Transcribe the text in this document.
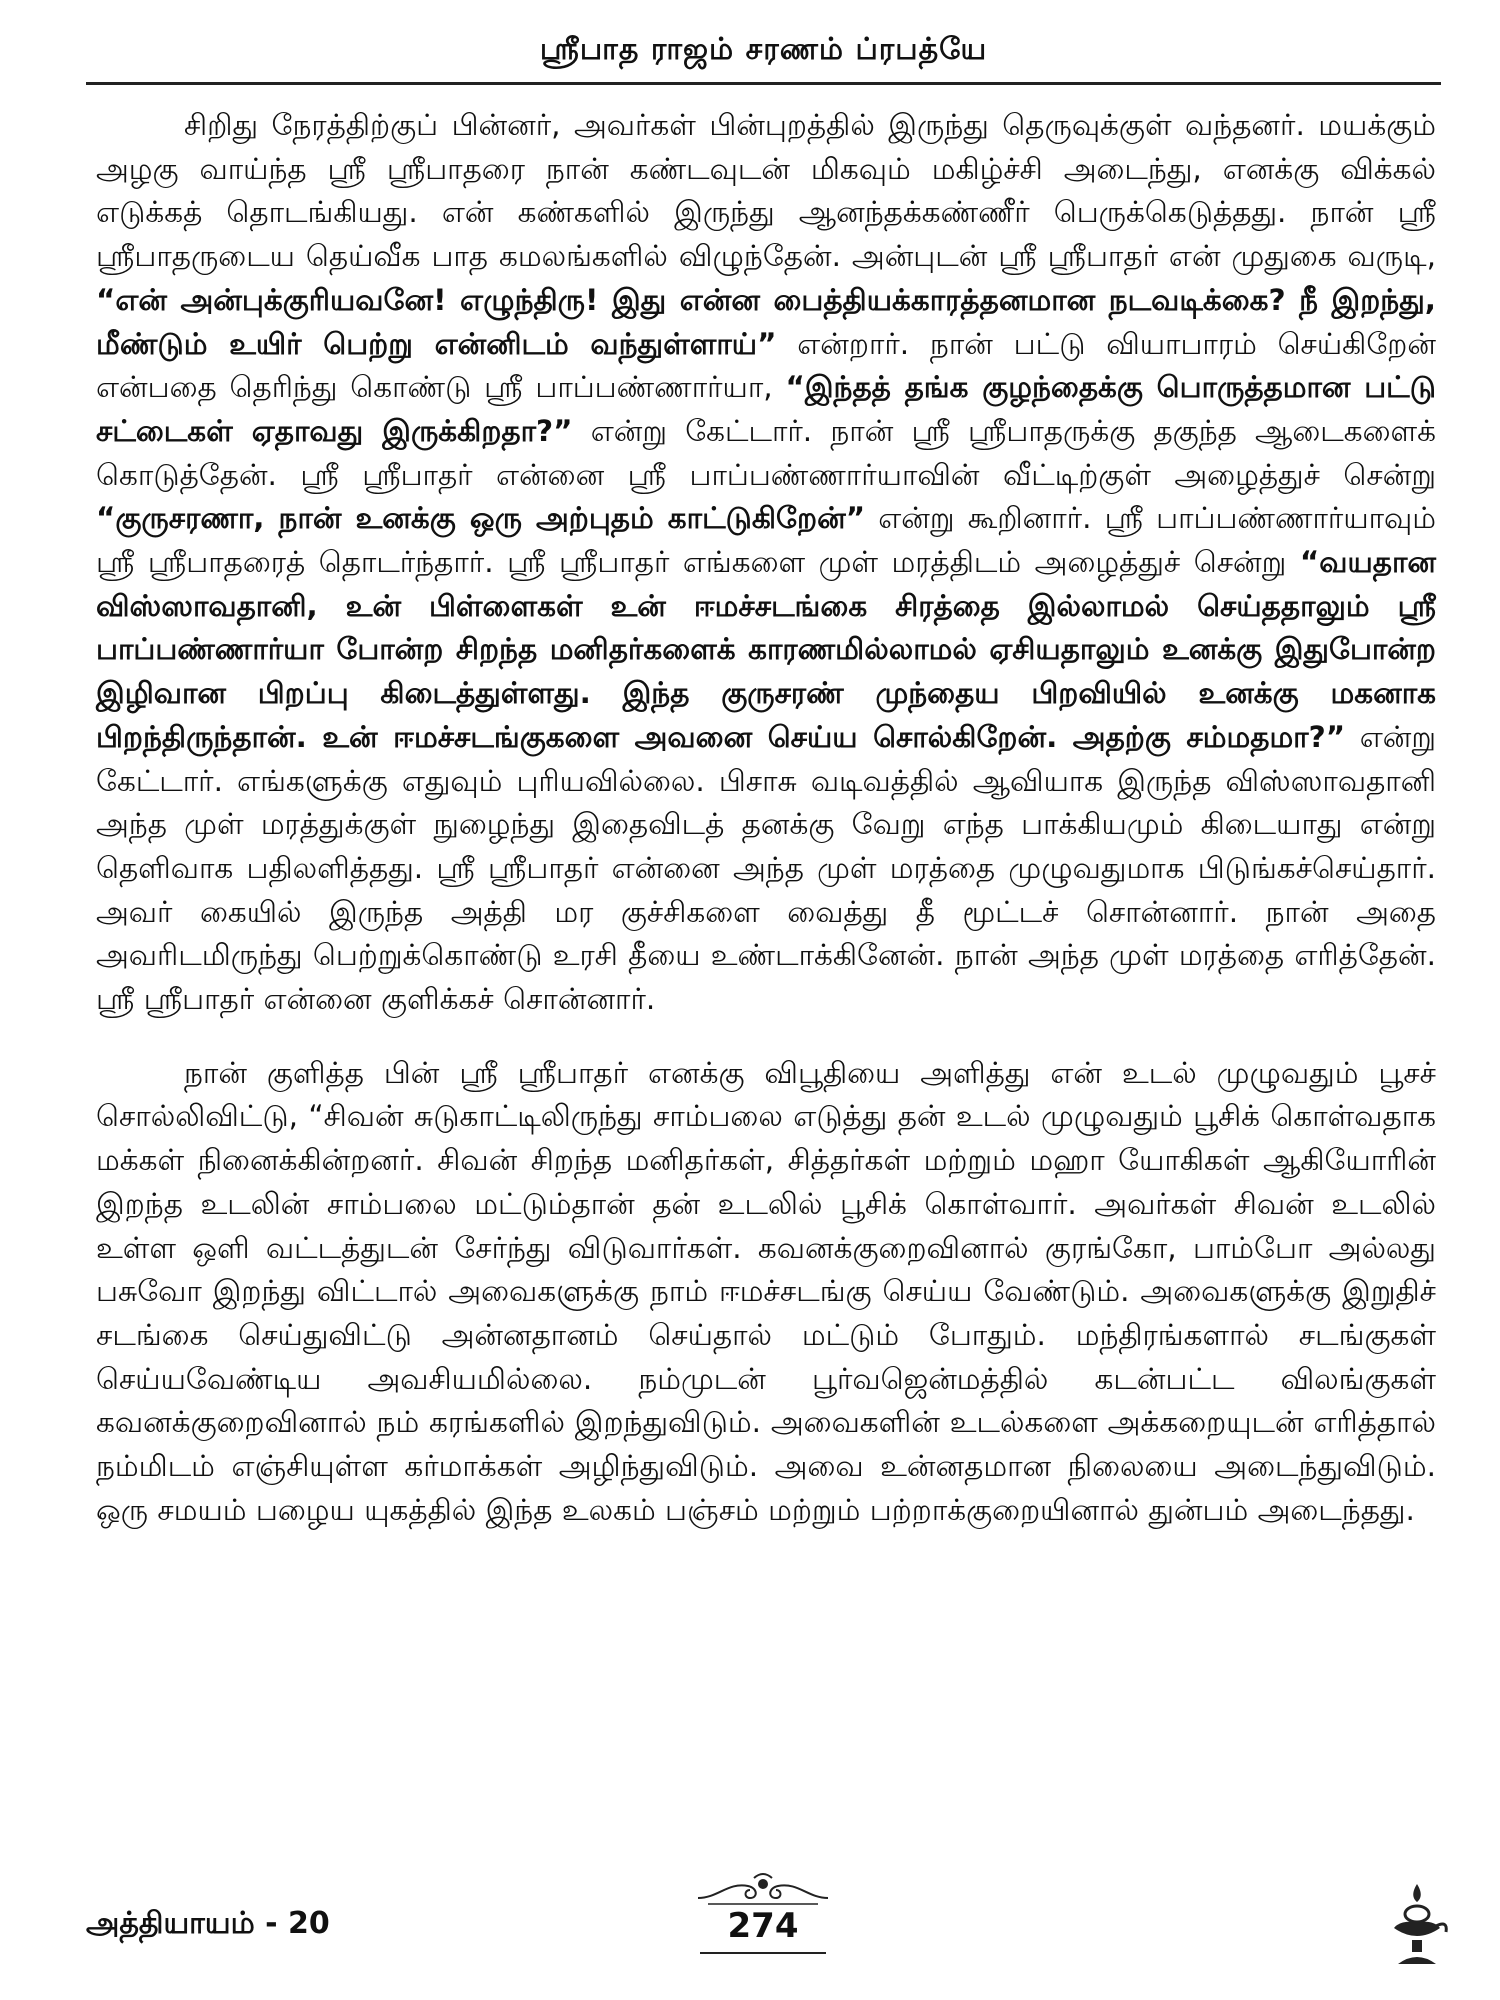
ஸ்ரீபாத ராஜம் சரணம் ப்ரபத்யே

சிறிது நேரத்திற்குப் பின்னர், அவர்கள் பின்புறத்தில் இருந்து தெருவுக்குள் வந்தனர். மயக்கும் அழகு வாய்ந்த ஸ்ரீ ஸ்ரீபாதரை நான் கண்டவுடன் மிகவும் மகிழ்ச்சி அடைந்து, எனக்கு விக்கல் எடுக்கத் தொடங்கியது. என் கண்களில் இருந்து ஆனந்தக்கண்ணீர் பெருக்கெடுத்தது. நான் ஸ்ரீ ஸ்ரீபாதருடைய தெய்வீக பாத கமலங்களில் விழுந்தேன். அன்புடன் ஸ்ரீ ஸ்ரீபாதர் என் முதுகை வருடி, “என் அன்புக்குரியவனே! எழுந்திரு! இது என்ன பைத்தியக்காரத்தனமான நடவடிக்கை? நீ இறந்து, மீண்டும் உயிர் பெற்று என்னிடம் வந்துள்ளாய்” என்றார். நான் பட்டு வியாபாரம் செய்கிறேன் என்பதை தெரிந்து கொண்டு ஸ்ரீ பாப்பண்ணார்யா, “இந்தத் தங்க குழந்தைக்கு பொருத்தமான பட்டு சட்டைகள் ஏதாவது இருக்கிறதா?” என்று கேட்டார். நான் ஸ்ரீ ஸ்ரீபாதருக்கு தகுந்த ஆடைகளைக் கொடுத்தேன். ஸ்ரீ ஸ்ரீபாதர் என்னை ஸ்ரீ பாப்பண்ணார்யாவின் வீட்டிற்குள் அழைத்துச் சென்று “குருசரணா, நான் உனக்கு ஒரு அற்புதம் காட்டுகிறேன்” என்று கூறினார். ஸ்ரீ பாப்பண்ணார்யாவும் ஸ்ரீ ஸ்ரீபாதரைத் தொடர்ந்தார். ஸ்ரீ ஸ்ரீபாதர் எங்களை முள் மரத்திடம் அழைத்துச் சென்று “வயதான விஸ்ஸாவதானி, உன் பிள்ளைகள் உன் ஈமச்சடங்கை சிரத்தை இல்லாமல் செய்ததாலும் ஸ்ரீ பாப்பண்ணார்யா போன்ற சிறந்த மனிதர்களைக் காரணமில்லாமல் ஏசியதாலும் உனக்கு இதுபோன்ற இழிவான பிறப்பு கிடைத்துள்ளது. இந்த குருசரண் முந்தைய பிறவியில் உனக்கு மகனாக பிறந்திருந்தான். உன் ஈமச்சடங்குகளை அவனை செய்ய சொல்கிறேன். அதற்கு சம்மதமா?” என்று கேட்டார். எங்களுக்கு எதுவும் புரியவில்லை. பிசாசு வடிவத்தில் ஆவியாக இருந்த விஸ்ஸாவதானி அந்த முள் மரத்துக்குள் நுழைந்து இதைவிடத் தனக்கு வேறு எந்த பாக்கியமும் கிடையாது என்று தெளிவாக பதிலளித்தது. ஸ்ரீ ஸ்ரீபாதர் என்னை அந்த முள் மரத்தை முழுவதுமாக பிடுங்கச்செய்தார். அவர் கையில் இருந்த அத்தி மர குச்சிகளை வைத்து தீ மூட்டச் சொன்னார். நான் அதை அவரிடமிருந்து பெற்றுக்கொண்டு உரசி தீயை உண்டாக்கினேன். நான் அந்த முள் மரத்தை எரித்தேன். ஸ்ரீ ஸ்ரீபாதர் என்னை குளிக்கச் சொன்னார்.

நான் குளித்த பின் ஸ்ரீ ஸ்ரீபாதர் எனக்கு விபூதியை அளித்து என் உடல் முழுவதும் பூசச் சொல்லிவிட்டு, “சிவன் சுடுகாட்டிலிருந்து சாம்பலை எடுத்து தன் உடல் முழுவதும் பூசிக் கொள்வதாக மக்கள் நினைக்கின்றனர். சிவன் சிறந்த மனிதர்கள், சித்தர்கள் மற்றும் மஹா யோகிகள் ஆகியோரின் இறந்த உடலின் சாம்பலை மட்டும்தான் தன் உடலில் பூசிக் கொள்வார். அவர்கள் சிவன் உடலில் உள்ள ஒளி வட்டத்துடன் சேர்ந்து விடுவார்கள். கவனக்குறைவினால் குரங்கோ, பாம்போ அல்லது பசுவோ இறந்து விட்டால் அவைகளுக்கு நாம் ஈமச்சடங்கு செய்ய வேண்டும். அவைகளுக்கு இறுதிச் சடங்கை செய்துவிட்டு அன்னதானம் செய்தால் மட்டும் போதும். மந்திரங்களால் சடங்குகள் செய்யவேண்டிய அவசியமில்லை. நம்முடன் பூர்வஜென்மத்தில் கடன்பட்ட விலங்குகள் கவனக்குறைவினால் நம் கரங்களில் இறந்துவிடும். அவைகளின் உடல்களை அக்கறையுடன் எரித்தால் நம்மிடம் எஞ்சியுள்ள கர்மாக்கள் அழிந்துவிடும். அவை உன்னதமான நிலையை அடைந்துவிடும். ஒரு சமயம் பழைய யுகத்தில் இந்த உலகம் பஞ்சம் மற்றும் பற்றாக்குறையினால் துன்பம் அடைந்தது.

அத்தியாயம் - 20	274
